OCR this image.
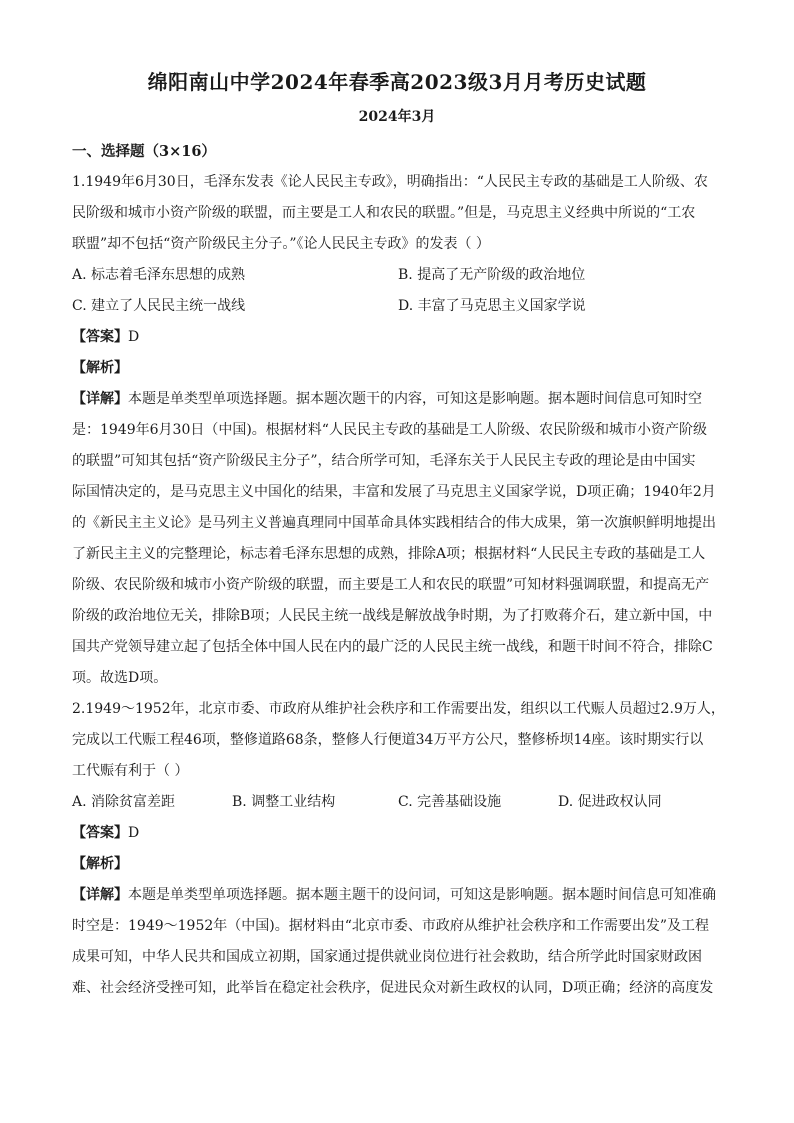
绵阳南山中学2024年春季高2023级3月月考历史试题
2024年3月
一、选择题（3×16）
1.1949年6月30日，毛泽东发表《论人民民主专政》，明确指出：“人民民主专政的基础是工人阶级、农
民阶级和城市小资产阶级的联盟，而主要是工人和农民的联盟。”但是，马克思主义经典中所说的“工农
联盟”却不包括“资产阶级民主分子。”《论人民民主专政》的发表（ ）
A. 标志着毛泽东思想的成熟	B. 提高了无产阶级的政治地位
C. 建立了人民民主统一战线	D. 丰富了马克思主义国家学说
【答案】D
【解析】
【详解】本题是单类型单项选择题。据本题次题干的内容，可知这是影响题。据本题时间信息可知时空
是：1949年6月30日（中国)。根据材料“人民民主专政的基础是工人阶级、农民阶级和城市小资产阶级
的联盟”可知其包括“资产阶级民主分子”，结合所学可知，毛泽东关于人民民主专政的理论是由中国实
际国情决定的，是马克思主义中国化的结果，丰富和发展了马克思主义国家学说，D项正确；1940年2月
的《新民主主义论》是马列主义普遍真理同中国革命具体实践相结合的伟大成果，第一次旗帜鲜明地提出
了新民主主义的完整理论，标志着毛泽东思想的成熟，排除A项；根据材料“人民民主专政的基础是工人
阶级、农民阶级和城市小资产阶级的联盟，而主要是工人和农民的联盟”可知材料强调联盟，和提高无产
阶级的政治地位无关，排除B项；人民民主统一战线是解放战争时期，为了打败蒋介石，建立新中国，中
国共产党领导建立起了包括全体中国人民在内的最广泛的人民民主统一战线，和题干时间不符合，排除C
项。故选D项。
2.1949～1952年，北京市委、市政府从维护社会秩序和工作需要出发，组织以工代赈人员超过2.9万人，
完成以工代赈工程46项，整修道路68条，整修人行便道34万平方公尺，整修桥坝14座。该时期实行以
工代赈有利于（ ）
A. 消除贫富差距	B. 调整工业结构	C. 完善基础设施	D. 促进政权认同
【答案】D
【解析】
【详解】本题是单类型单项选择题。据本题主题干的设问词，可知这是影响题。据本题时间信息可知准确
时空是：1949～1952年（中国)。据材料由“北京市委、市政府从维护社会秩序和工作需要出发”及工程
成果可知，中华人民共和国成立初期，国家通过提供就业岗位进行社会救助，结合所学此时国家财政困
难、社会经济受挫可知，此举旨在稳定社会秩序，促进民众对新生政权的认同，D项正确；经济的高度发
